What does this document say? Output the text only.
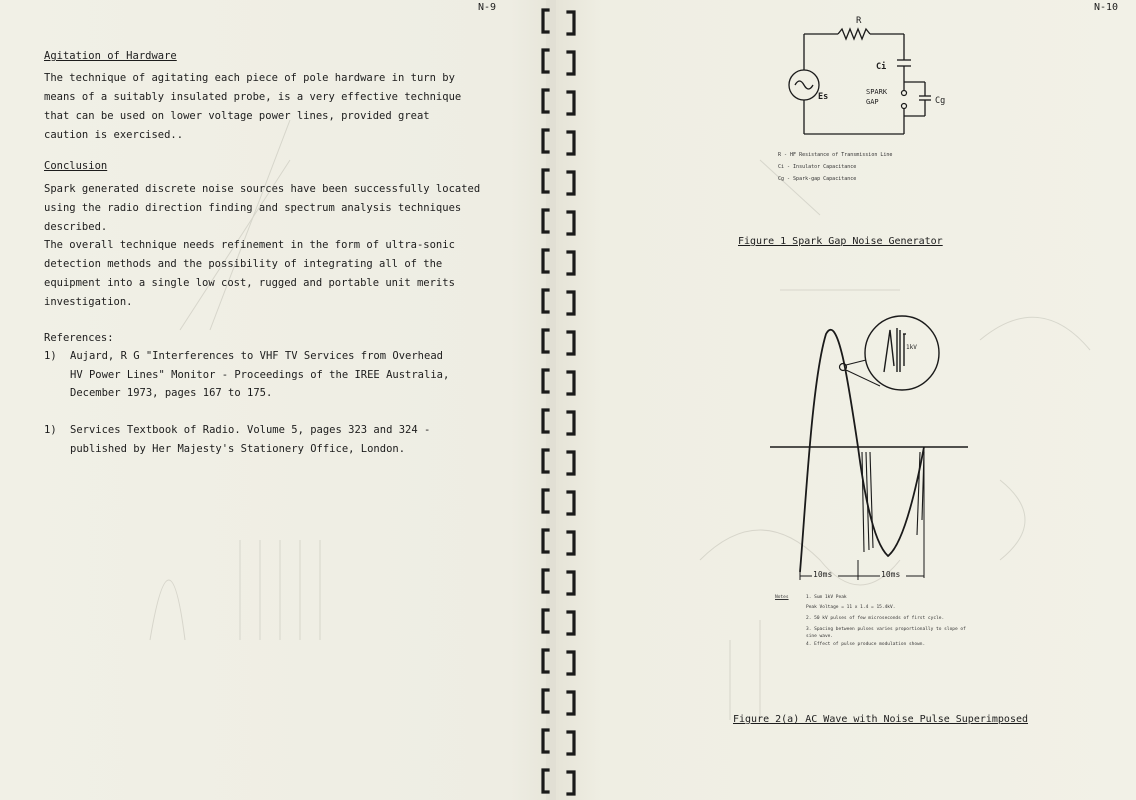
N-9
Agitation of Hardware
The technique of agitating each piece of pole hardware in turn by
means of a suitably insulated probe, is a very effective technique
that can be used on lower voltage power lines, provided great
caution is exercised..
Conclusion
Spark generated discrete noise sources have been successfully located
using the radio direction finding and spectrum analysis techniques
described.
The overall technique needs refinement in the form of ultra-sonic
detection methods and the possibility of integrating all of the
equipment into a single low cost, rugged and portable unit merits
investigation.
References:
1) Aujard, R G "Interferences to VHF TV Services from Overhead
HV Power Lines" Monitor - Proceedings of the IREE Australia,
December 1973, pages 167 to 175.
1) Services Textbook of Radio. Volume 5, pages 323 and 324 -
published by Her Majesty's Stationery Office, London.
N-10
R
Ci
Es	SPARK
GAP	Cg
R - HF Resistance of Transmission Line
Ci - Insulator Capacitance
Cg - Spark-gap Capacitance
Figure 1 Spark Gap Noise Generator
1kV
10ms	10ms
Notes	1. Sum 1kV Peak
Peak Voltage = 11 x 1.4 = 15.4kV.
2. 50 kV pulses of few microseconds of first cycle.
3. Spacing between pulses varies proportionally to slope of
sine wave.
4. Effect of pulse produce modulation shown.
Figure 2(a) AC Wave with Noise Pulse Superimposed
